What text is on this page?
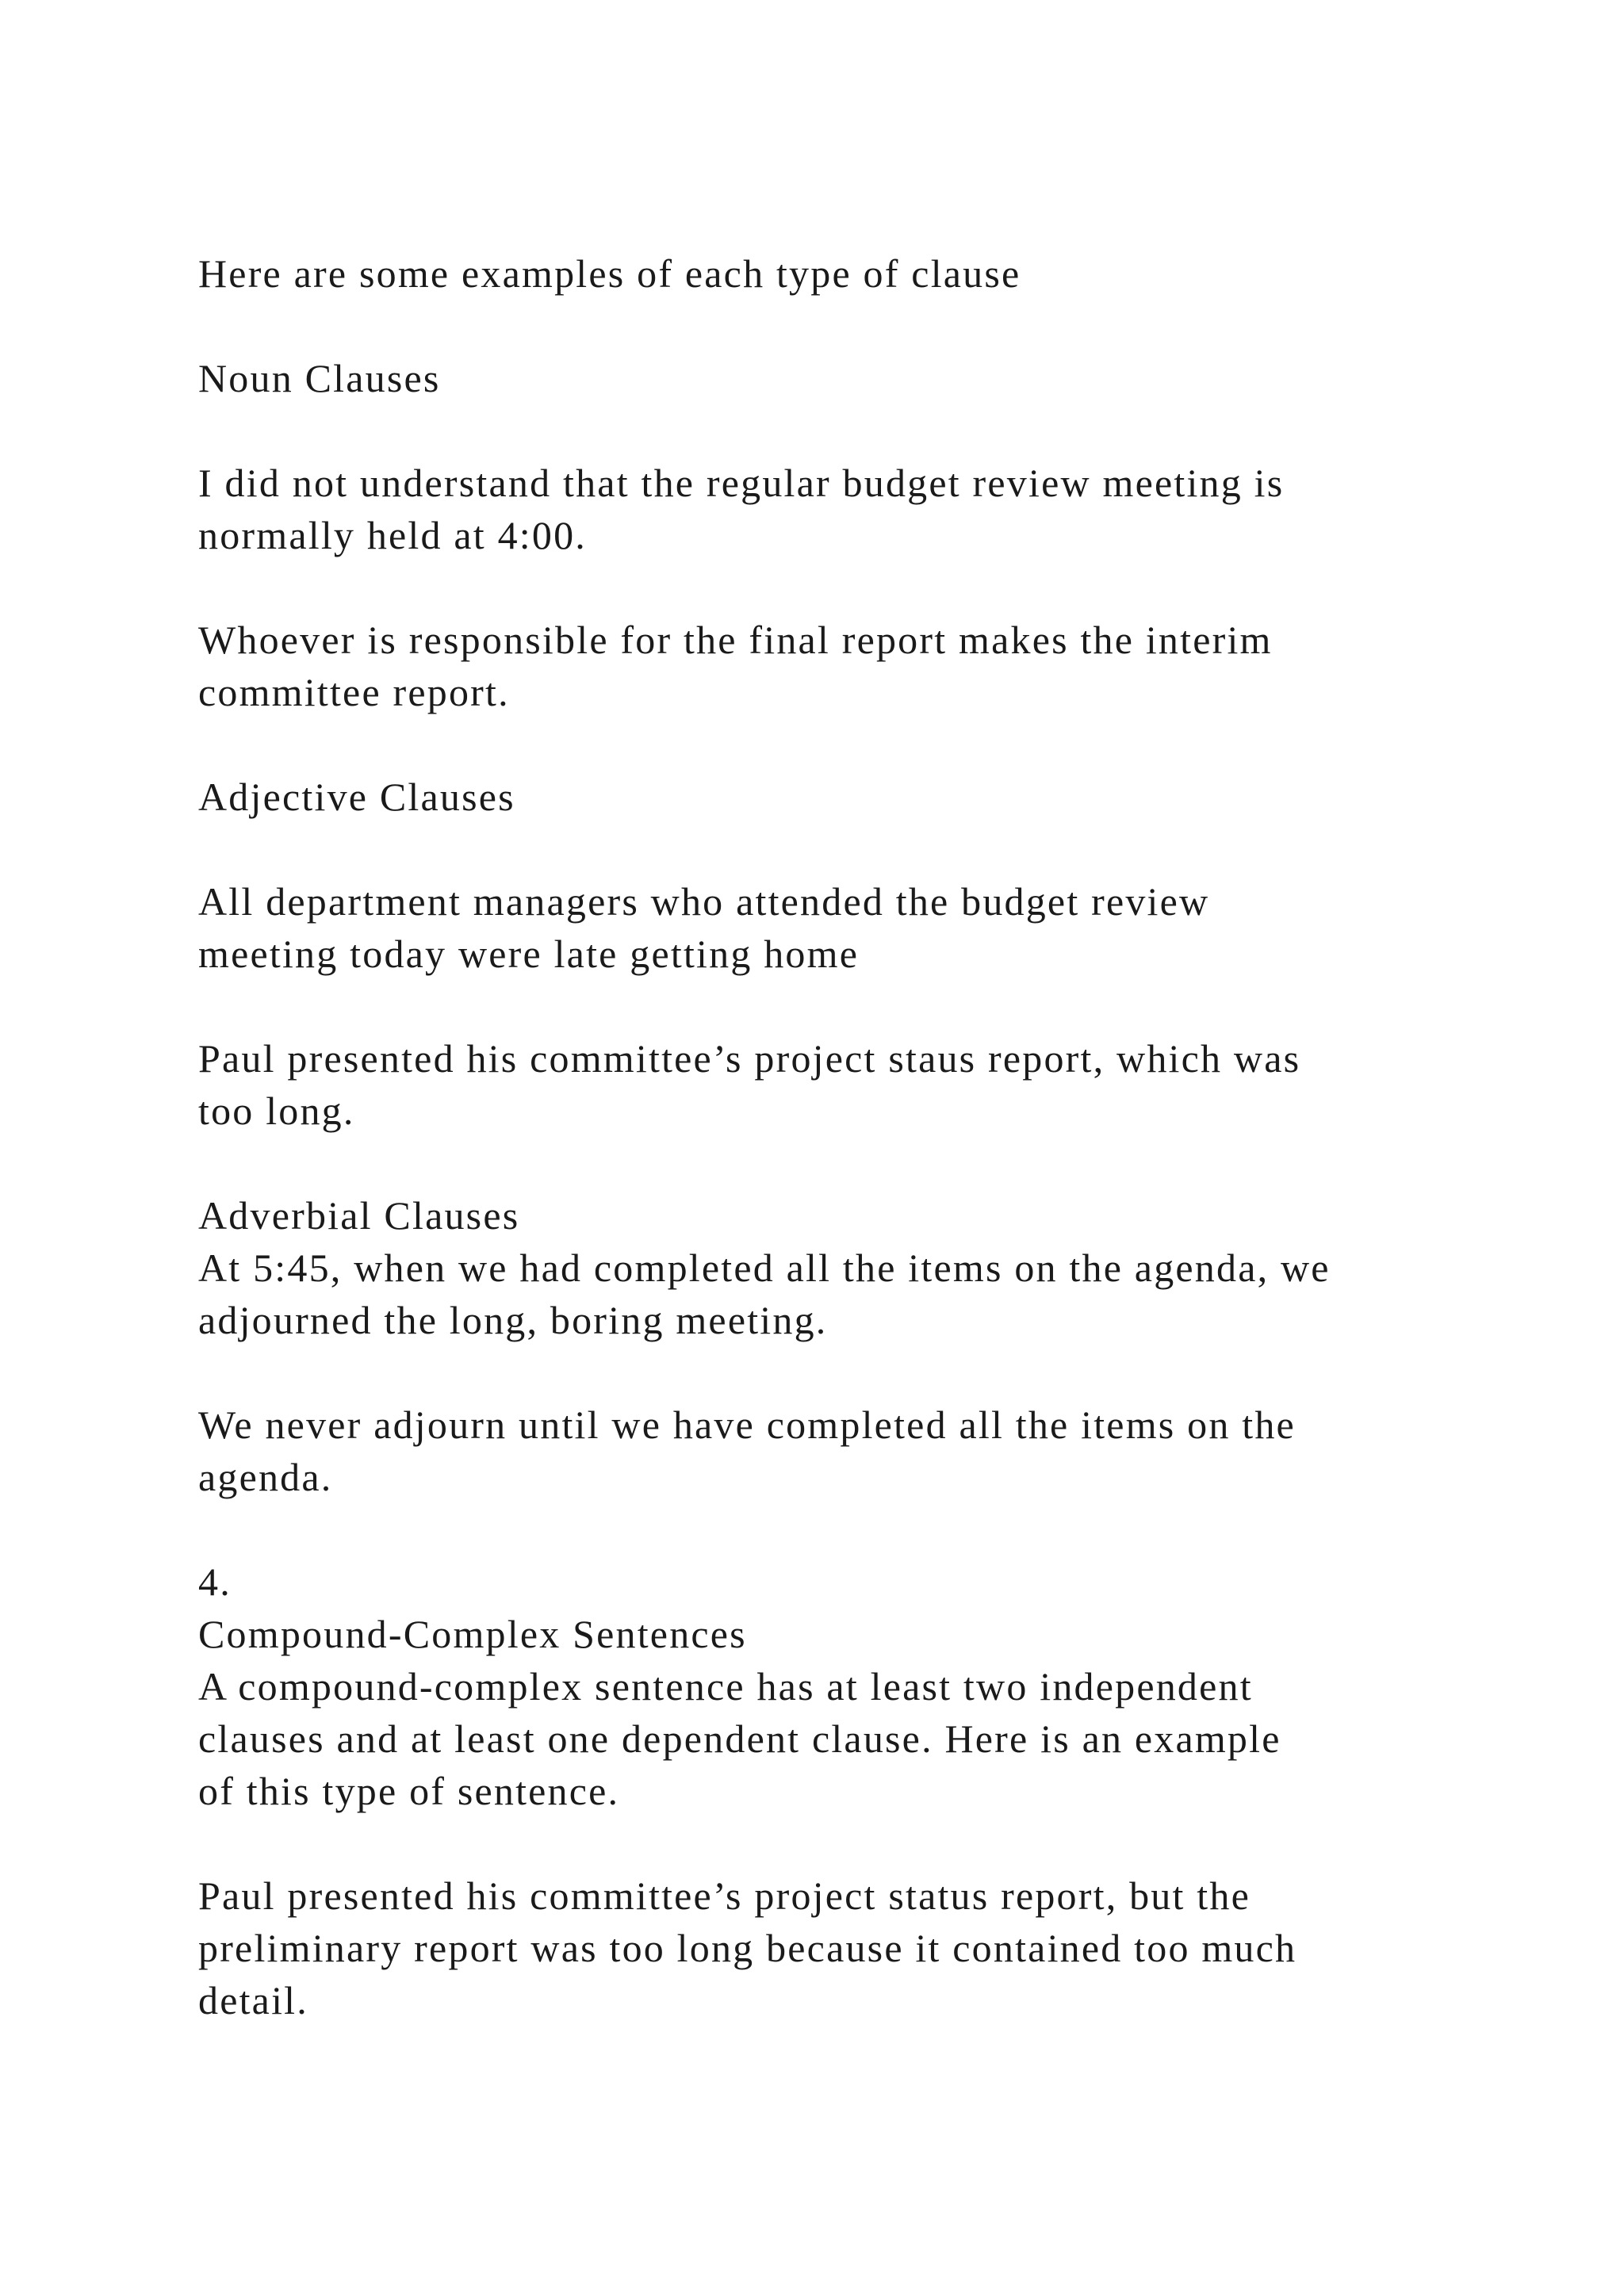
Here are some examples of each type of clause
Noun Clauses
I did not understand that the regular budget review meeting is
normally held at 4:00.
Whoever is responsible for the final report makes the interim
committee report.
Adjective Clauses
All department managers who attended the budget review
meeting today were late getting home
Paul presented his committee’s project staus report, which was
too long.
Adverbial Clauses
At 5:45, when we had completed all the items on the agenda, we
adjourned the long, boring meeting.
We never adjourn until we have completed all the items on the
agenda.
4.
Compound-Complex Sentences
A compound-complex sentence has at least two independent
clauses and at least one dependent clause. Here is an example
of this type of sentence.
Paul presented his committee’s project status report, but the
preliminary report was too long because it contained too much
detail.
